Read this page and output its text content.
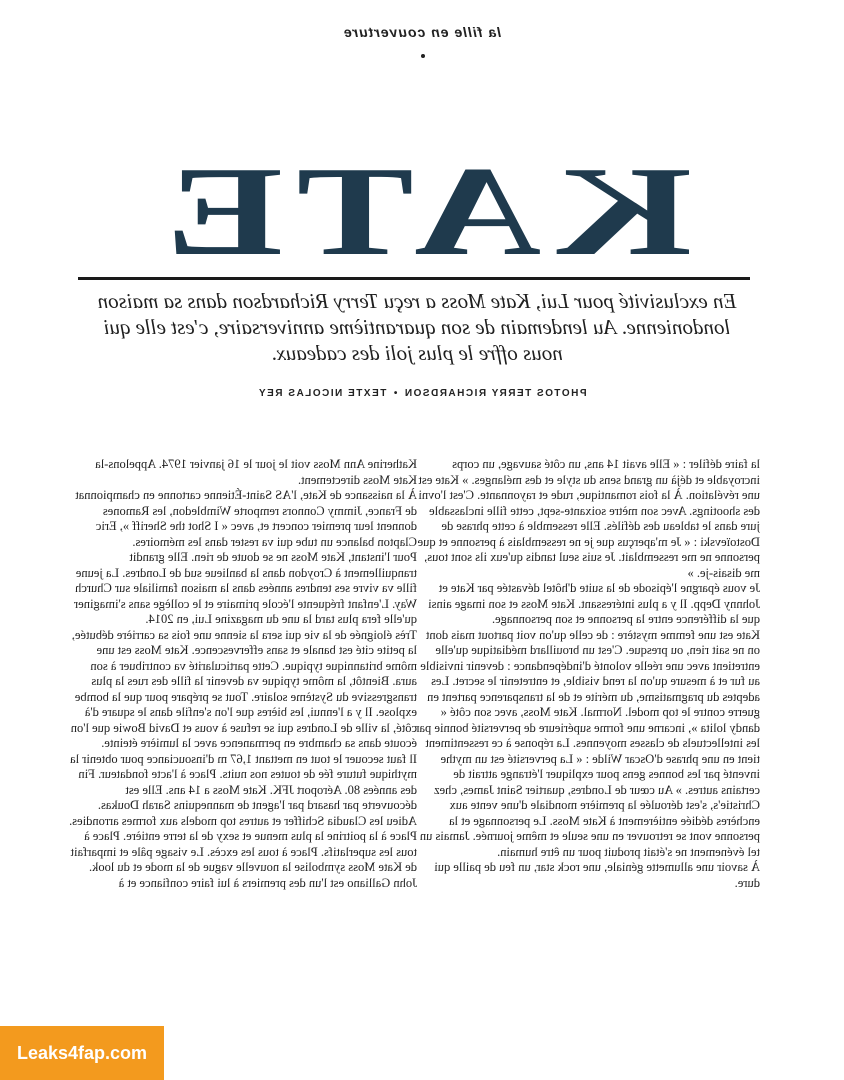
la fille en couverture
KATE

En exclusivité pour Lui, Kate Moss a reçu Terry Richardson dans sa maison londonienne. Au lendemain de son quarantième anniversaire, c'est elle qui nous offre le plus joli des cadeaux.

PHOTOS TERRY RICHARDSON•TEXTE NICOLAS REY

Katherine Ann Moss voit le jour le 16 janvier 1974. Appelons-la Kate Moss directement.

À la naissance de Kate, l'AS Saint-Étienne cartonne en championnat de France, Jimmy Connors remporte Wimbledon, les Ramones donnent leur premier concert et, avec « I Shot the Sheriff », Eric Clapton balance un tube qui va rester dans les mémoires.

Pour l'instant, Kate Moss ne se doute de rien. Elle grandit tranquillement à Croydon dans la banlieue sud de Londres. La jeune fille va vivre ses tendres années dans la maison familiale sur Church Way. L'enfant fréquente l'école primaire et le collège sans s'imaginer qu'elle fera plus tard la une du magazine Lui, en 2014.

Très éloignée de la vie qui sera la sienne une fois sa carrière débutée, la petite cité est banale et sans effervescence. Kate Moss est une môme britannique typique. Cette particularité va contribuer à son aura. Bientôt, la môme typique va devenir la fille des rues la plus transgressive du Système solaire. Tout se prépare pour que la bombe explose. Il y a l'ennui, les bières que l'on s'enfile dans le square d'à côté, la ville de Londres qui se refuse à vous et David Bowie que l'on écoute dans sa chambre en permanence avec la lumière éteinte.

Il faut secouer le tout en mettant 1,67 m d'insouciance pour obtenir la mythique future fée de toutes nos nuits. Place à l'acte fondateur. Fin des années 80. Aéroport JFK. Kate Moss a 14 ans. Elle est découverte par hasard par l'agent de mannequins Sarah Doukas. Adieu les Claudia Schiffer et autres top models aux formes arrondies. Place à la poitrine la plus menue et sexy de la terre entière. Place à tous les superlatifs. Place à tous les excès. Le visage pâle et imparfait de Kate Moss symbolise la nouvelle vague de la mode et du look. John Galliano est l'un des premiers à lui faire confiance et à

la faire défiler : « Elle avait 14 ans, un côté sauvage, un corps incroyable et déjà un grand sens du style et des mélanges. » Kate est une révélation. À la fois romantique, rude et rayonnante. C'est l'ovni des shootings. Avec son mètre soixante-sept, cette fille inclassable jure dans le tableau des défilés. Elle ressemble à cette phrase de Dostoïevski : « Je m'aperçus que je ne ressemblais à personne et que personne ne me ressemblait. Je suis seul tandis qu'eux ils sont tous, me disais-je. »

Je vous épargne l'épisode de la suite d'hôtel dévastée par Kate et Johnny Depp. Il y a plus intéressant. Kate Moss et son image ainsi que la différence entre la personne et son personnage.

Kate est une femme mystère : de celle qu'on voit partout mais dont on ne sait rien, ou presque. C'est un brouillard médiatique qu'elle entretient avec une réelle volonté d'indépendance : devenir invisible au fur et à mesure qu'on la rend visible, et entretenir le secret. Les adeptes du pragmatisme, du mérite et de la transparence partent en guerre contre le top model. Normal. Kate Moss, avec son côté « dandy lolita », incarne une forme supérieure de perversité bonnie par les intellectuels de classes moyennes. La réponse à ce ressentiment tient en une phrase d'Oscar Wilde : « La perversité est un mythe inventé par les bonnes gens pour expliquer l'étrange attrait de certains autres. » Au cœur de Londres, quartier Saint James, chez Christie's, s'est déroulée la première mondiale d'une vente aux enchères dédiée entièrement à Kate Moss. Le personnage et la personne vont se retrouver en une seule et même journée. Jamais un tel événement ne s'était produit pour un être humain.

À savoir une allumette géniale, une rock star, un feu de paille qui dure.

Leaks4fap.com
